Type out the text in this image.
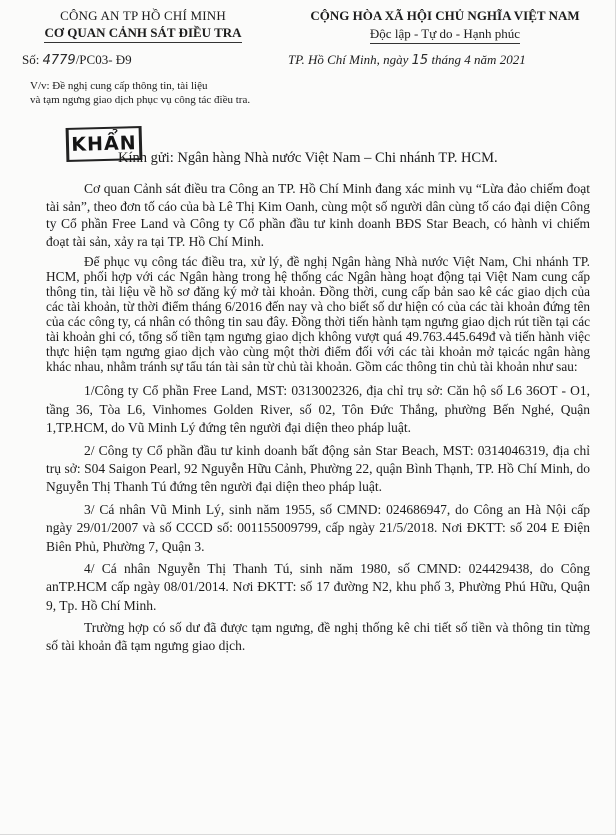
CÔNG AN TP HỒ CHÍ MINH
CƠ QUAN CẢNH SÁT ĐIỀU TRA
CỘNG HÒA XÃ HỘI CHỦ NGHĨA VIỆT NAM
Độc lập - Tự do - Hạnh phúc
Số: 4779/PC03- Đ9	TP. Hồ Chí Minh, ngày 15 tháng 4 năm 2021
V/v: Đề nghị cung cấp thông tin, tài liệu
và tạm ngưng giao dịch phục vụ công tác điều tra.
KHẨN
Kính gửi: Ngân hàng Nhà nước Việt Nam – Chi nhánh TP. HCM.

Cơ quan Cảnh sát điều tra Công an TP. Hồ Chí Minh đang xác minh vụ “Lừa đảo chiếm đoạt tài sản”, theo đơn tố cáo của bà Lê Thị Kim Oanh, cùng một số người dân cùng tố cáo đại diện Công ty Cổ phần Free Land và Công ty Cổ phần đầu tư kinh doanh BĐS Star Beach, có hành vi chiếm đoạt tài sản, xảy ra tại TP. Hồ Chí Minh.

Để phục vụ công tác điều tra, xử lý, đề nghị Ngân hàng Nhà nước Việt Nam, Chi nhánh TP. HCM, phối hợp với các Ngân hàng trong hệ thống các Ngân hàng hoạt động tại Việt Nam cung cấp thông tin, tài liệu về hồ sơ đăng ký mở tài khoản. Đồng thời, cung cấp bản sao kê các giao dịch của các tài khoản, từ thời điểm tháng 6/2016 đến nay và cho biết số dư hiện có của các tài khoản đứng tên của các công ty, cá nhân có thông tin sau đây. Đồng thời tiến hành tạm ngưng giao dịch rút tiền tại các tài khoản ghi có, tổng số tiền tạm ngưng giao dịch không vượt quá 49.763.445.649đ và tiến hành việc thực hiện tạm ngưng giao dịch vào cùng một thời điểm đối với các tài khoản mở tạicác ngân hàng khác nhau, nhằm tránh sự tẩu tán tài sản từ chủ tài khoản. Gồm các thông tin chủ tài khoản như sau:

1/Công ty Cổ phần Free Land, MST: 0313002326, địa chỉ trụ sở: Căn hộ số L6 36OT - O1, tầng 36, Tòa L6, Vinhomes Golden River, số 02, Tôn Đức Thắng, phường Bến Nghé, Quận 1,TP.HCM, do Vũ Minh Lý đứng tên người đại diện theo pháp luật.

2/ Công ty Cổ phần đầu tư kinh doanh bất động sản Star Beach, MST: 0314046319, địa chỉ trụ sở: S04 Saigon Pearl, 92 Nguyễn Hữu Cảnh, Phường 22, quận Bình Thạnh, TP. Hồ Chí Minh, do Nguyễn Thị Thanh Tú đứng tên người đại diện theo pháp luật.

3/ Cá nhân Vũ Minh Lý, sinh năm 1955, số CMND: 024686947, do Công an Hà Nội cấp ngày 29/01/2007 và số CCCD số: 001155009799, cấp ngày 21/5/2018. Nơi ĐKTT: số 204 E Điện Biên Phủ, Phường 7, Quận 3.

4/ Cá nhân Nguyễn Thị Thanh Tú, sinh năm 1980, số CMND: 024429438, do Công anTP.HCM cấp ngày 08/01/2014. Nơi ĐKTT: số 17 đường N2, khu phố 3, Phường Phú Hữu, Quận 9, Tp. Hồ Chí Minh.

Trường hợp có số dư đã được tạm ngưng, đề nghị thống kê chi tiết số tiền và thông tin từng số tài khoản đã tạm ngưng giao dịch.
